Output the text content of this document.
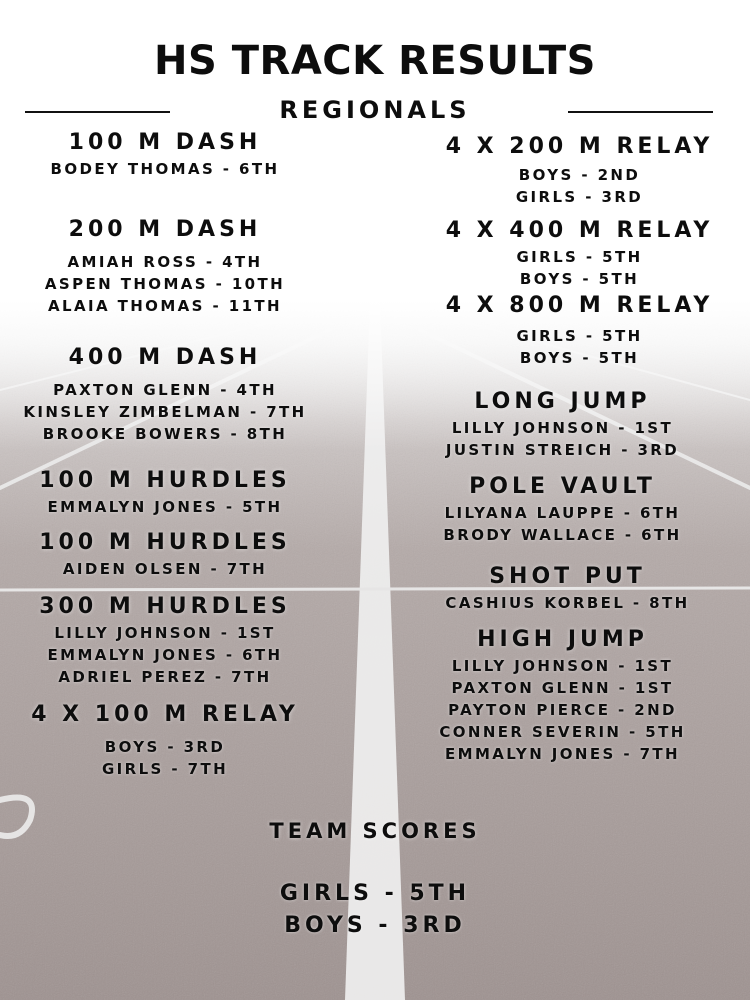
HS TRACK RESULTS
REGIONALS
100 M DASH
BODEY THOMAS - 6TH
200 M DASH
AMIAH ROSS - 4TH
ASPEN THOMAS - 10TH
ALAIA THOMAS - 11TH
400 M DASH
PAXTON GLENN - 4TH
KINSLEY ZIMBELMAN - 7TH
BROOKE BOWERS - 8TH
100 M HURDLES
EMMALYN JONES - 5TH
100 M HURDLES
AIDEN OLSEN - 7TH
300 M HURDLES
LILLY JOHNSON - 1ST
EMMALYN JONES - 6TH
ADRIEL PEREZ - 7TH
4 X 100 M RELAY
BOYS - 3RD
GIRLS - 7TH
4 X 200 M RELAY
BOYS - 2ND
GIRLS - 3RD
4 X 400 M RELAY
GIRLS - 5TH
BOYS - 5TH
4 X 800 M RELAY
GIRLS - 5TH
BOYS - 5TH
LONG JUMP
LILLY JOHNSON - 1ST
JUSTIN STREICH - 3RD
POLE VAULT
LILYANA LAUPPE - 6TH
BRODY WALLACE - 6TH
SHOT PUT
CASHIUS KORBEL - 8TH
HIGH JUMP
LILLY JOHNSON - 1ST
PAXTON GLENN - 1ST
PAYTON PIERCE - 2ND
CONNER SEVERIN - 5TH
EMMALYN JONES - 7TH
TEAM SCORES
GIRLS - 5TH
BOYS - 3RD
